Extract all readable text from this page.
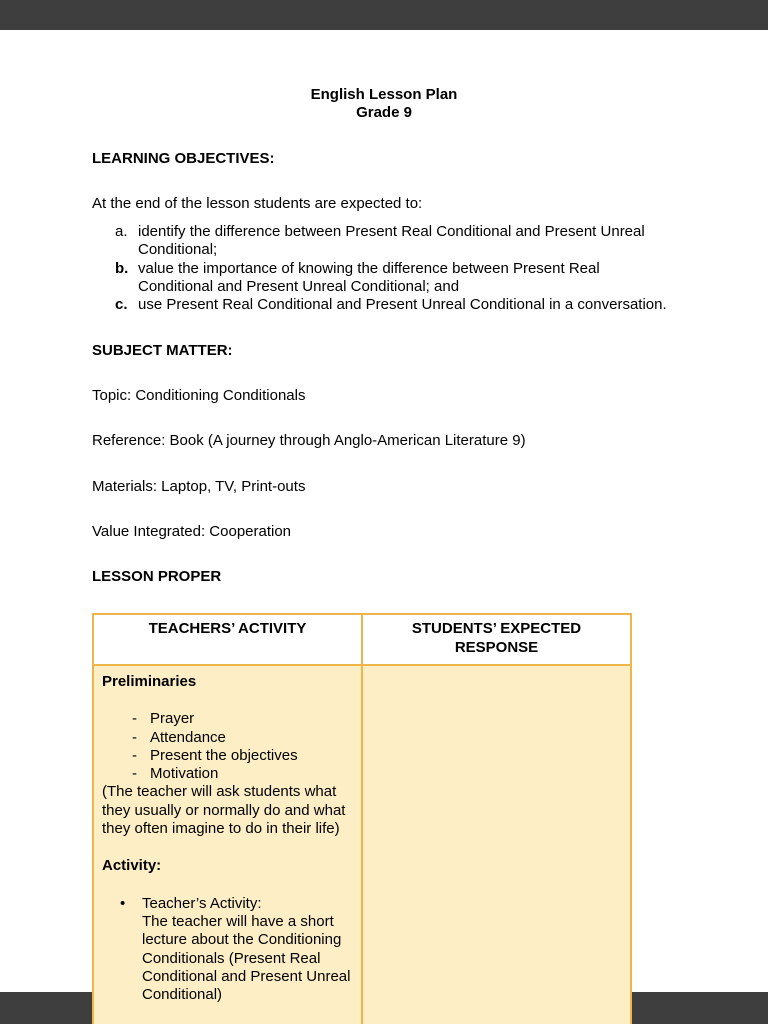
English Lesson Plan
Grade 9
LEARNING OBJECTIVES:
At the end of the lesson students are expected to:
a. identify the difference between Present Real Conditional and Present Unreal Conditional;
b. value the importance of knowing the difference between Present Real Conditional and Present Unreal Conditional; and
c. use Present Real Conditional and Present Unreal Conditional in a conversation.
SUBJECT MATTER:
Topic: Conditioning Conditionals
Reference: Book (A journey through Anglo-American Literature 9)
Materials: Laptop, TV, Print-outs
Value Integrated: Cooperation
LESSON PROPER
TEACHERS’ ACTIVITY	STUDENTS’ EXPECTED RESPONSE

Preliminaries
- Prayer
- Attendance
- Present the objectives
- Motivation
(The teacher will ask students what they usually or normally do and what they often imagine to do in their life)
Activity:
•	Teacher’s Activity:
The teacher will have a short lecture about the Conditioning Conditionals (Present Real Conditional and Present Unreal Conditional)
